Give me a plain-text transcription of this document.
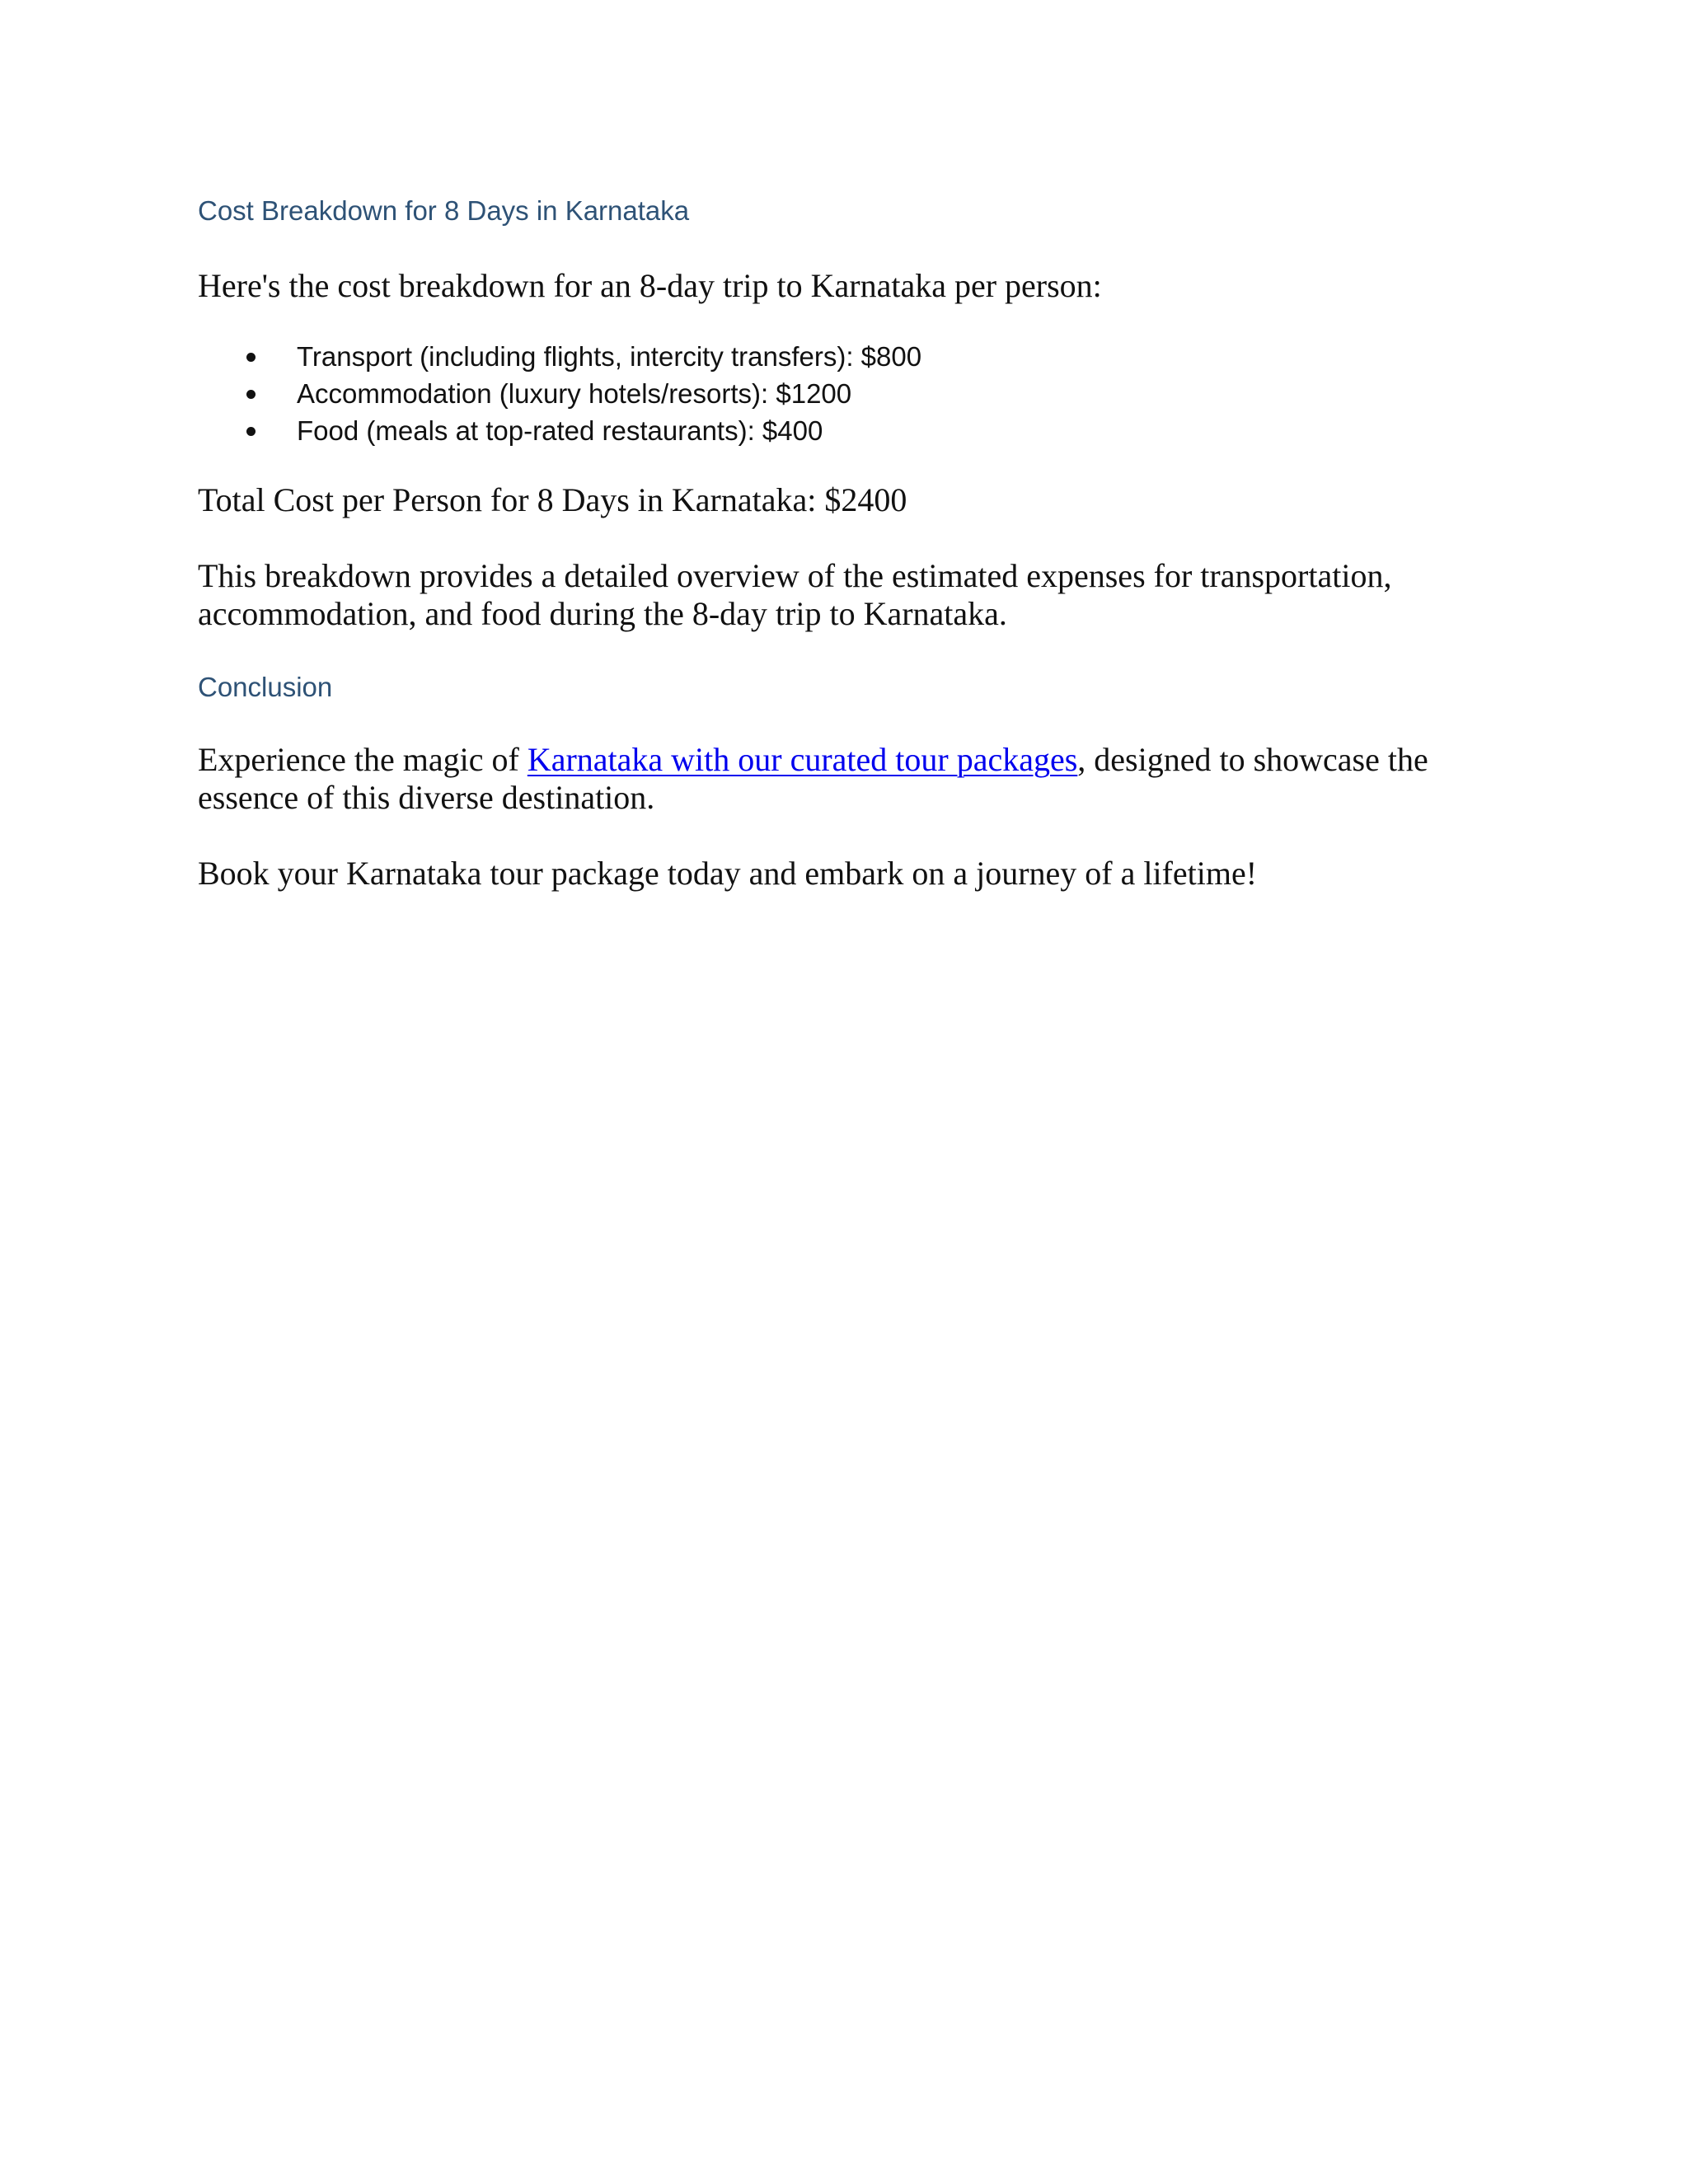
Cost Breakdown for 8 Days in Karnataka

Here's the cost breakdown for an 8-day trip to Karnataka per person:

Transport (including flights, intercity transfers): $800
Accommodation (luxury hotels/resorts): $1200
Food (meals at top-rated restaurants): $400

Total Cost per Person for 8 Days in Karnataka: $2400

This breakdown provides a detailed overview of the estimated expenses for transportation, accommodation, and food during the 8-day trip to Karnataka.

Conclusion

Experience the magic of Karnataka with our curated tour packages, designed to showcase the essence of this diverse destination.

Book your Karnataka tour package today and embark on a journey of a lifetime!
